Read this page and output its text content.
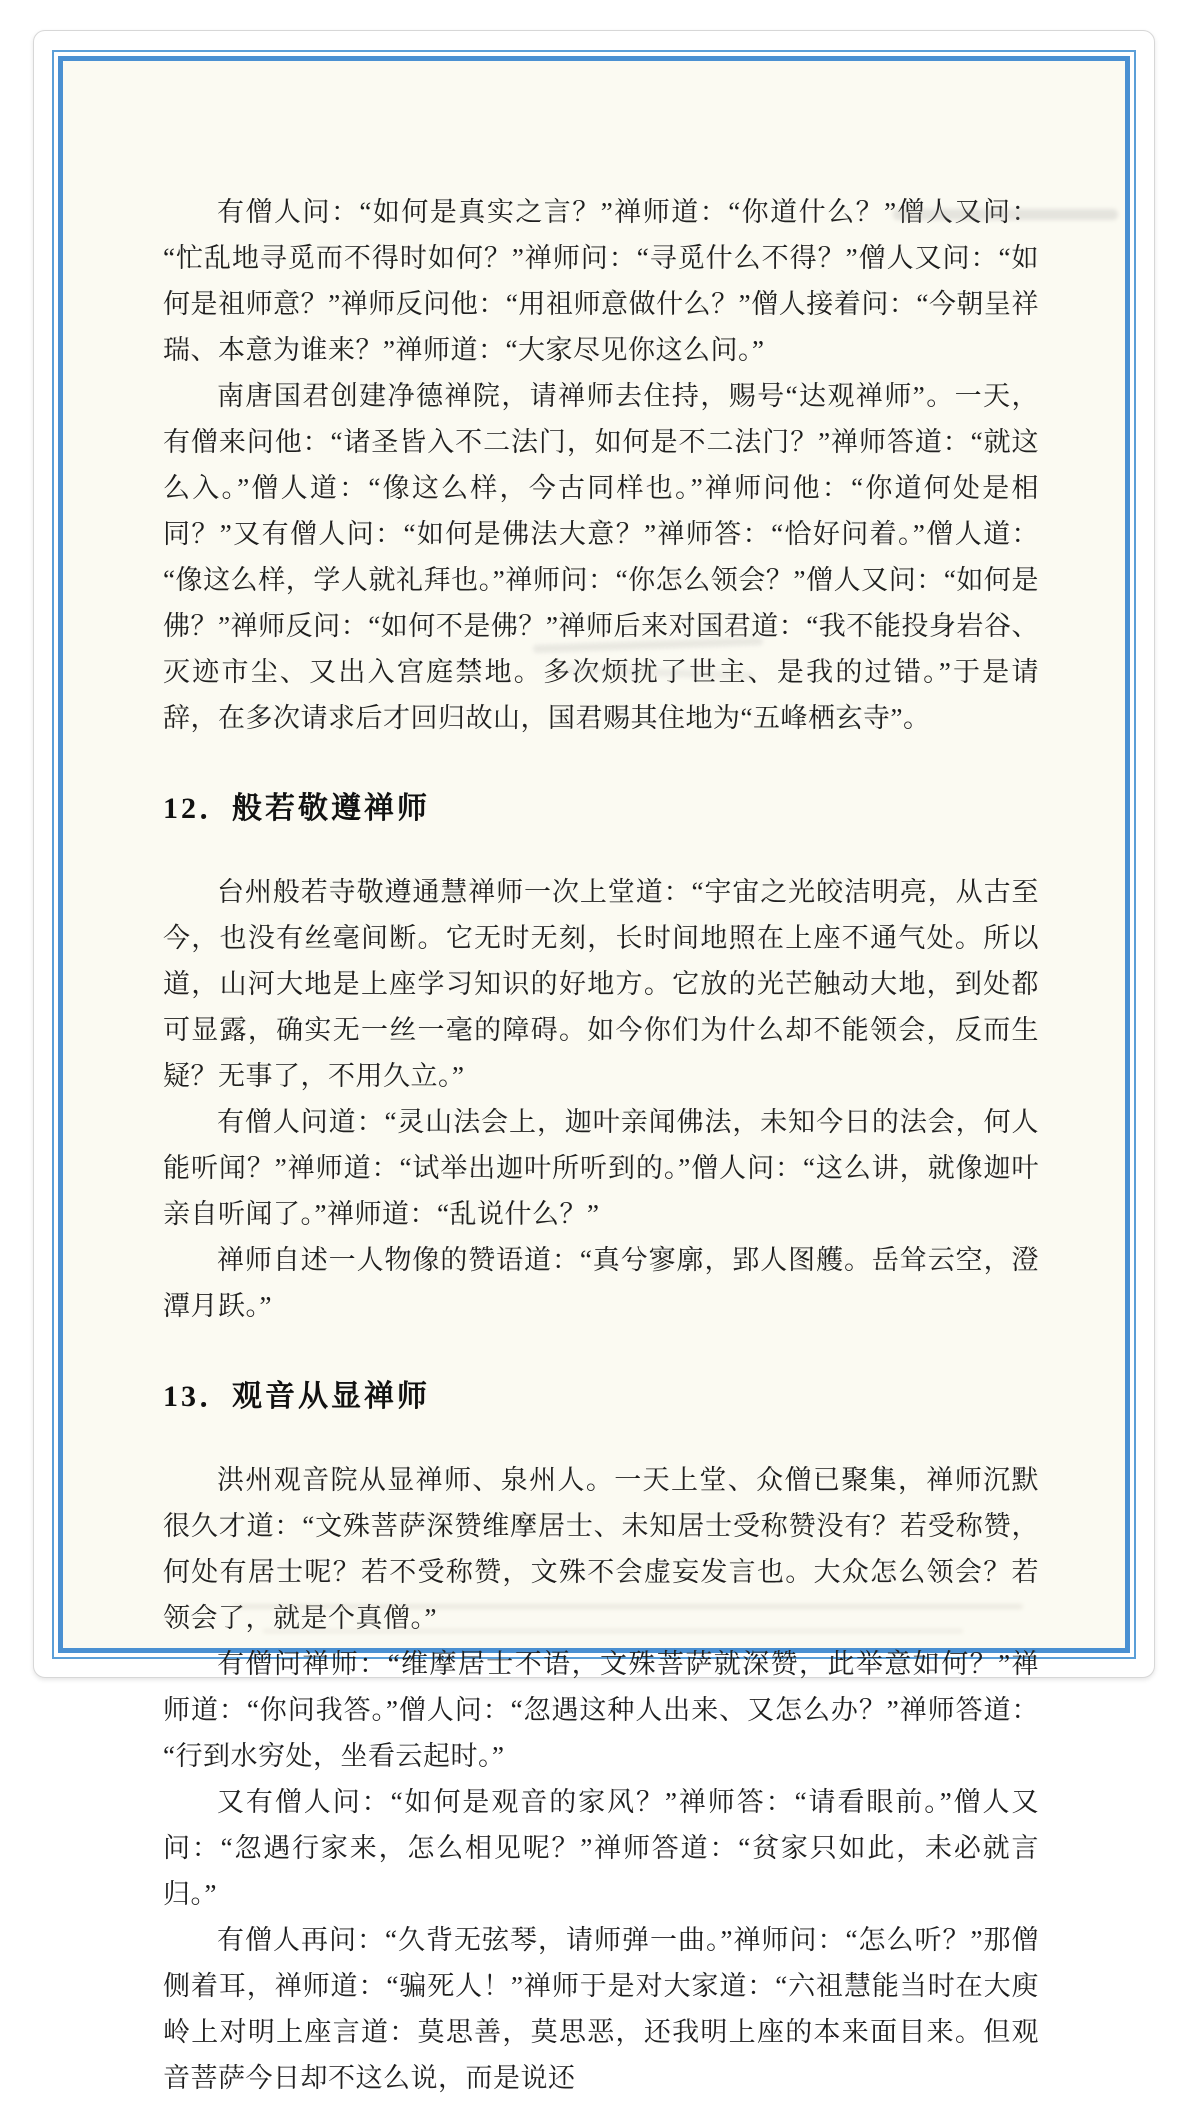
有僧人问：“如何是真实之言？”禅师道：“你道什么？”僧人又问：“忙乱地寻觅而不得时如何？”禅师问：“寻觅什么不得？”僧人又问：“如何是祖师意？”禅师反问他：“用祖师意做什么？”僧人接着问：“今朝呈祥瑞、本意为谁来？”禅师道：“大家尽见你这么问。”

南唐国君创建净德禅院，请禅师去住持，赐号“达观禅师”。一天，有僧来问他：“诸圣皆入不二法门，如何是不二法门？”禅师答道：“就这么入。”僧人道：“像这么样，今古同样也。”禅师问他：“你道何处是相同？”又有僧人问：“如何是佛法大意？”禅师答：“恰好问着。”僧人道：“像这么样，学人就礼拜也。”禅师问：“你怎么领会？”僧人又问：“如何是佛？”禅师反问：“如何不是佛？”禅师后来对国君道：“我不能投身岩谷、灭迹市尘、又出入宫庭禁地。多次烦扰了世主、是我的过错。”于是请辞，在多次请求后才回归故山，国君赐其住地为“五峰栖玄寺”。

12．般若敬遵禅师

台州般若寺敬遵通慧禅师一次上堂道：“宇宙之光皎洁明亮，从古至今，也没有丝毫间断。它无时无刻，长时间地照在上座不通气处。所以道，山河大地是上座学习知识的好地方。它放的光芒触动大地，到处都可显露，确实无一丝一毫的障碍。如今你们为什么却不能领会，反而生疑？无事了，不用久立。”

有僧人问道：“灵山法会上，迦叶亲闻佛法，未知今日的法会，何人能听闻？”禅师道：“试举出迦叶所听到的。”僧人问：“这么讲，就像迦叶亲自听闻了。”禅师道：“乱说什么？”

禅师自述一人物像的赞语道：“真兮寥廓，郢人图艧。岳耸云空，澄潭月跃。”

13．观音从显禅师

洪州观音院从显禅师、泉州人。一天上堂、众僧已聚集，禅师沉默很久才道：“文殊菩萨深赞维摩居士、未知居士受称赞没有？若受称赞，何处有居士呢？若不受称赞，文殊不会虚妄发言也。大众怎么领会？若领会了，就是个真僧。”

有僧问禅师：“维摩居士不语，文殊菩萨就深赞，此举意如何？”禅师道：“你问我答。”僧人问：“忽遇这种人出来、又怎么办？”禅师答道：“行到水穷处，坐看云起时。”

又有僧人问：“如何是观音的家风？”禅师答：“请看眼前。”僧人又问：“忽遇行家来，怎么相见呢？”禅师答道：“贫家只如此，未必就言归。”

有僧人再问：“久背无弦琴，请师弹一曲。”禅师问：“怎么听？”那僧侧着耳，禅师道：“骗死人！”禅师于是对大家道：“六祖慧能当时在大庾岭上对明上座言道：莫思善，莫思恶，还我明上座的本来面目来。但观音菩萨今日却不这么说，而是说还
